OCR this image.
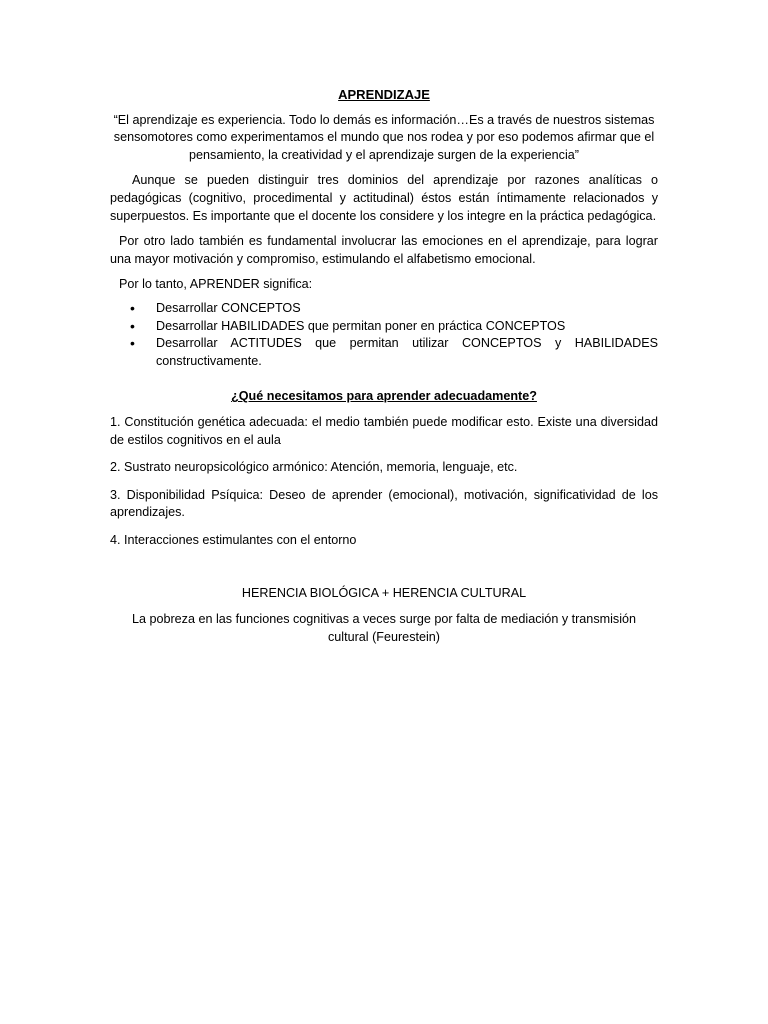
APRENDIZAJE

“El aprendizaje es experiencia. Todo lo demás es información…Es a través de nuestros sistemas sensomotores como experimentamos el mundo que nos rodea y por eso podemos afirmar que el pensamiento, la creatividad y el aprendizaje surgen de la experiencia”

Aunque se pueden distinguir tres dominios del aprendizaje por razones analíticas o pedagógicas (cognitivo, procedimental y actitudinal) éstos están íntimamente relacionados y superpuestos. Es importante que el docente los considere y los integre en la práctica pedagógica.

Por otro lado también es fundamental involucrar las emociones en el aprendizaje, para lograr una mayor motivación y compromiso, estimulando el alfabetismo emocional.

Por lo tanto, APRENDER significa:

• Desarrollar CONCEPTOS
• Desarrollar HABILIDADES que permitan poner en práctica CONCEPTOS
• Desarrollar ACTITUDES que permitan utilizar CONCEPTOS y HABILIDADES constructivamente.

¿Qué necesitamos para aprender adecuadamente?

1. Constitución genética adecuada: el medio también puede modificar esto. Existe una diversidad de estilos cognitivos en el aula

2. Sustrato neuropsicológico armónico: Atención, memoria, lenguaje, etc.

3. Disponibilidad Psíquica: Deseo de aprender (emocional), motivación, significatividad de los aprendizajes.

4. Interacciones estimulantes con el entorno

HERENCIA BIOLÓGICA + HERENCIA CULTURAL

La pobreza en las funciones cognitivas a veces surge por falta de mediación y transmisión cultural (Feurestein)
